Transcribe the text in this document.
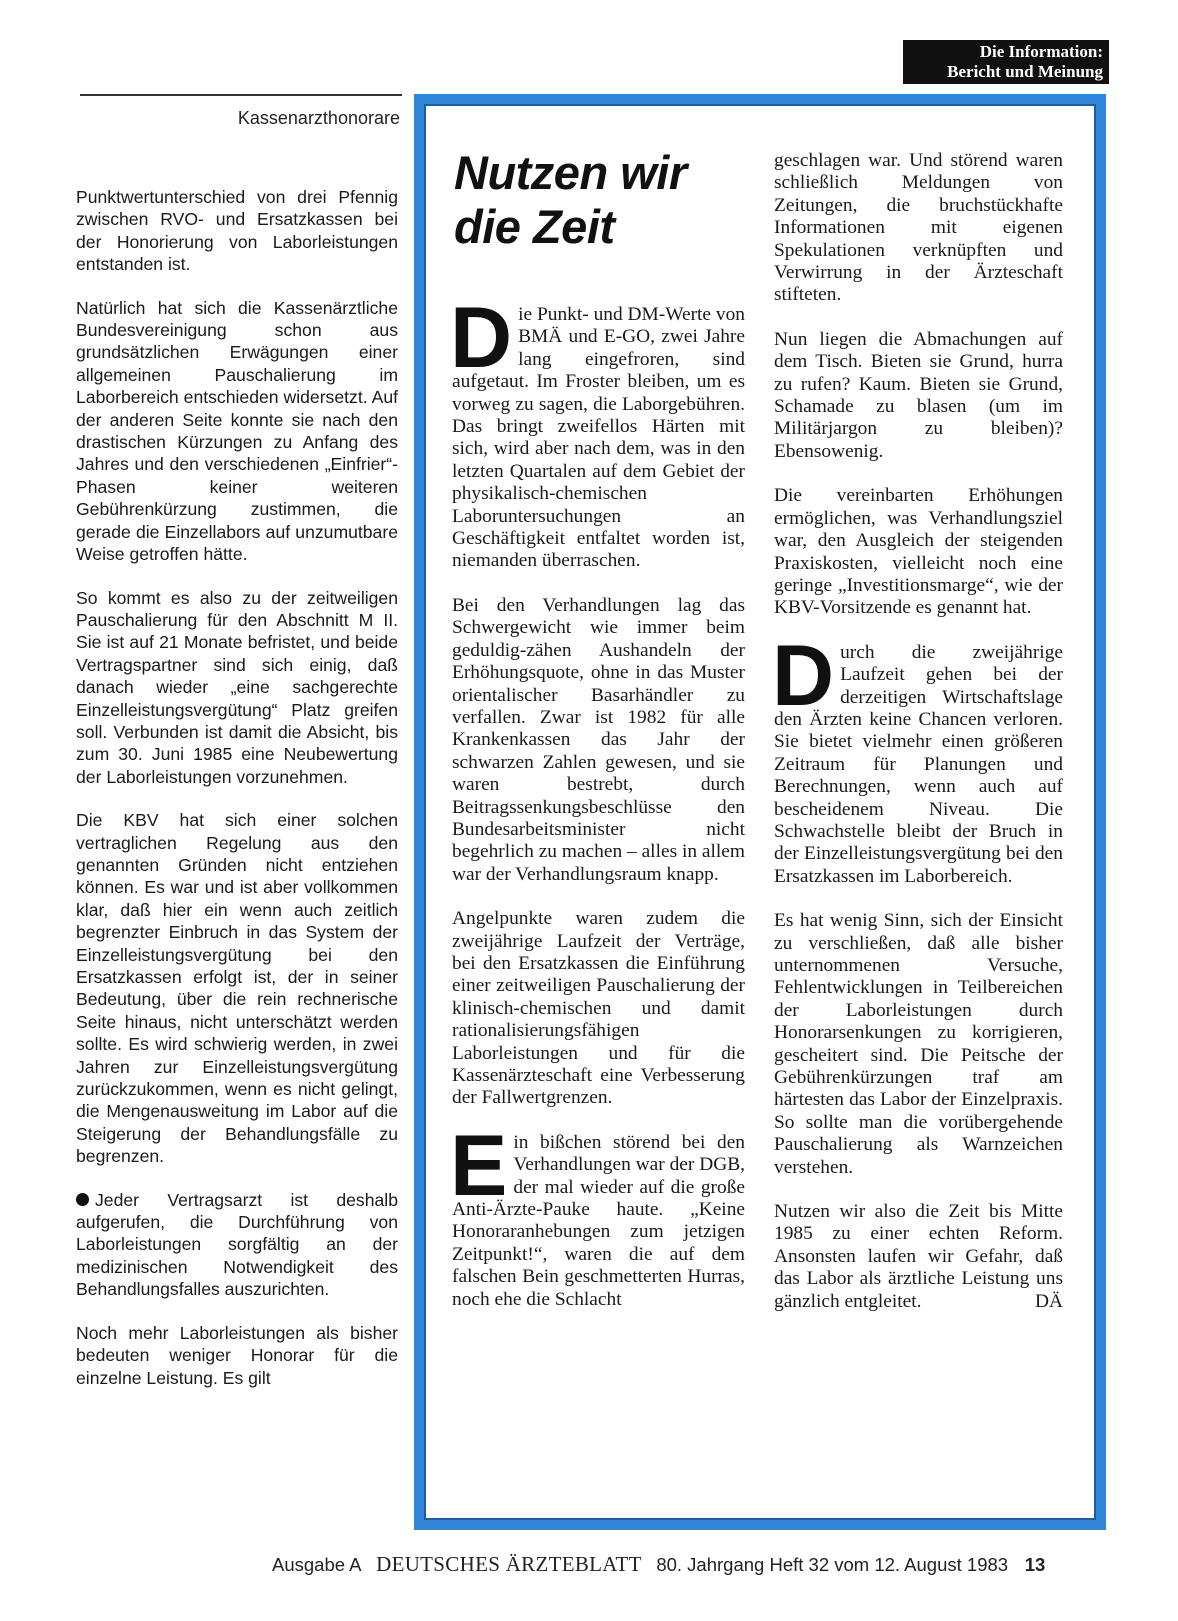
Die Information:
Bericht und Meinung
Kassenarzthonorare

Punktwertunterschied von drei Pfennig zwischen RVO- und Ersatzkassen bei der Honorierung von Laborleistungen entstanden ist.

Natürlich hat sich die Kassenärztliche Bundesvereinigung schon aus grundsätzlichen Erwägungen einer allgemeinen Pauschalierung im Laborbereich entschieden widersetzt. Auf der anderen Seite konnte sie nach den drastischen Kürzungen zu Anfang des Jahres und den verschiedenen „Einfrier“-Phasen keiner weiteren Gebührenkürzung zustimmen, die gerade die Einzellabors auf unzumutbare Weise getroffen hätte.

So kommt es also zu der zeitweiligen Pauschalierung für den Abschnitt M II. Sie ist auf 21 Monate befristet, und beide Vertragspartner sind sich einig, daß danach wieder „eine sachgerechte Einzelleistungsvergütung“ Platz greifen soll. Verbunden ist damit die Absicht, bis zum 30. Juni 1985 eine Neubewertung der Laborleistungen vorzunehmen.

Die KBV hat sich einer solchen vertraglichen Regelung aus den genannten Gründen nicht entziehen können. Es war und ist aber vollkommen klar, daß hier ein wenn auch zeitlich begrenzter Einbruch in das System der Einzelleistungsvergütung bei den Ersatzkassen erfolgt ist, der in seiner Bedeutung, über die rein rechnerische Seite hinaus, nicht unterschätzt werden sollte. Es wird schwierig werden, in zwei Jahren zur Einzelleistungsvergütung zurückzukommen, wenn es nicht gelingt, die Mengenausweitung im Labor auf die Steigerung der Behandlungsfälle zu begrenzen.

Jeder Vertragsarzt ist deshalb aufgerufen, die Durchführung von Laborleistungen sorgfältig an der medizinischen Notwendigkeit des Behandlungsfalles auszurichten.

Noch mehr Laborleistungen als bisher bedeuten weniger Honorar für die einzelne Leistung. Es gilt

Nutzen wir
die Zeit

Die Punkt- und DM-Werte von BMÄ und E-GO, zwei Jahre lang eingefroren, sind aufgetaut. Im Froster bleiben, um es vorweg zu sagen, die Laborgebühren. Das bringt zweifellos Härten mit sich, wird aber nach dem, was in den letzten Quartalen auf dem Gebiet der physikalisch-chemischen Laboruntersuchungen an Geschäftigkeit entfaltet worden ist, niemanden überraschen.

Bei den Verhandlungen lag das Schwergewicht wie immer beim geduldig-zähen Aushandeln der Erhöhungsquote, ohne in das Muster orientalischer Basarhändler zu verfallen. Zwar ist 1982 für alle Krankenkassen das Jahr der schwarzen Zahlen gewesen, und sie waren bestrebt, durch Beitragssenkungsbeschlüsse den Bundesarbeitsminister nicht begehrlich zu machen – alles in allem war der Verhandlungsraum knapp.

Angelpunkte waren zudem die zweijährige Laufzeit der Verträge, bei den Ersatzkassen die Einführung einer zeitweiligen Pauschalierung der klinisch-chemischen und damit rationalisierungsfähigen Laborleistungen und für die Kassenärzteschaft eine Verbesserung der Fallwertgrenzen.

Ein bißchen störend bei den Verhandlungen war der DGB, der mal wieder auf die große Anti-Ärzte-Pauke haute. „Keine Honoraranhebungen zum jetzigen Zeitpunkt!“, waren die auf dem falschen Bein geschmetterten Hurras, noch ehe die Schlacht

geschlagen war. Und störend waren schließlich Meldungen von Zeitungen, die bruchstückhafte Informationen mit eigenen Spekulationen verknüpften und Verwirrung in der Ärzteschaft stifteten.

Nun liegen die Abmachungen auf dem Tisch. Bieten sie Grund, hurra zu rufen? Kaum. Bieten sie Grund, Schamade zu blasen (um im Militärjargon zu bleiben)? Ebensowenig.

Die vereinbarten Erhöhungen ermöglichen, was Verhandlungsziel war, den Ausgleich der steigenden Praxiskosten, vielleicht noch eine geringe „Investitionsmarge“, wie der KBV-Vorsitzende es genannt hat.

Durch die zweijährige Laufzeit gehen bei der derzeitigen Wirtschaftslage den Ärzten keine Chancen verloren. Sie bietet vielmehr einen größeren Zeitraum für Planungen und Berechnungen, wenn auch auf bescheidenem Niveau. Die Schwachstelle bleibt der Bruch in der Einzelleistungsvergütung bei den Ersatzkassen im Laborbereich.

Es hat wenig Sinn, sich der Einsicht zu verschließen, daß alle bisher unternommenen Versuche, Fehlentwicklungen in Teilbereichen der Laborleistungen durch Honorarsenkungen zu korrigieren, gescheitert sind. Die Peitsche der Gebührenkürzungen traf am härtesten das Labor der Einzelpraxis. So sollte man die vorübergehende Pauschalierung als Warnzeichen verstehen.

Nutzen wir also die Zeit bis Mitte 1985 zu einer echten Reform. Ansonsten laufen wir Gefahr, daß das Labor als ärztliche Leistung uns gänzlich entgleitet.	DÄ

Ausgabe A DEUTSCHES ÄRZTEBLATT 80. Jahrgang Heft 32 vom 12. August 1983 13
